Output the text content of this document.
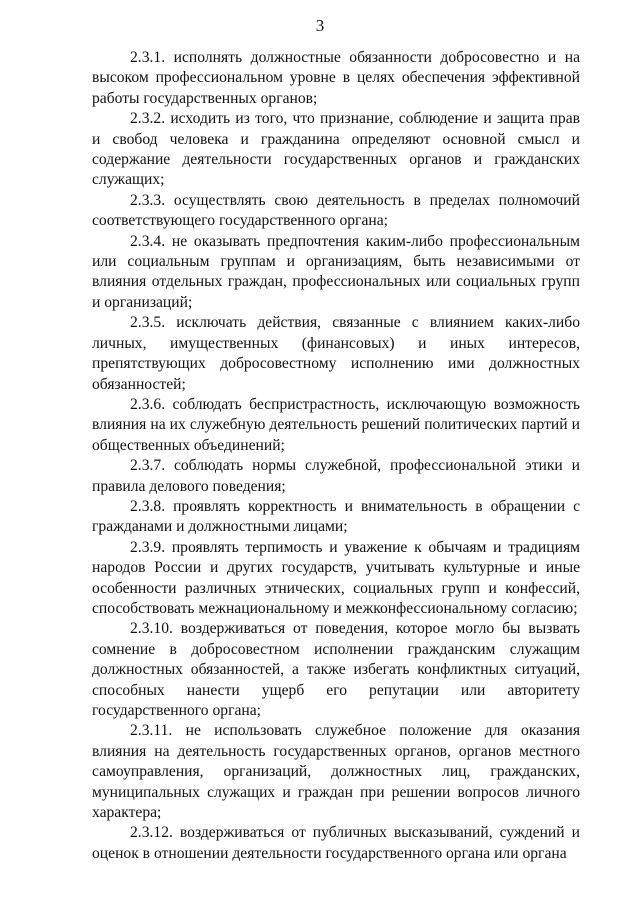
3

2.3.1. исполнять должностные обязанности добросовестно и на высоком профессиональном уровне в целях обеспечения эффективной работы государственных органов;

2.3.2. исходить из того, что признание, соблюдение и защита прав и свобод человека и гражданина определяют основной смысл и содержание деятельности государственных органов и гражданских служащих;

2.3.3. осуществлять свою деятельность в пределах полномочий соответствующего государственного органа;

2.3.4. не оказывать предпочтения каким-либо профессиональным или социальным группам и организациям, быть независимыми от влияния отдельных граждан, профессиональных или социальных групп и организаций;

2.3.5. исключать действия, связанные с влиянием каких-либо личных, имущественных (финансовых) и иных интересов, препятствующих добросовестному исполнению ими должностных обязанностей;

2.3.6. соблюдать беспристрастность, исключающую возможность влияния на их служебную деятельность решений политических партий и общественных объединений;

2.3.7. соблюдать нормы служебной, профессиональной этики и правила делового поведения;

2.3.8. проявлять корректность и внимательность в обращении с гражданами и должностными лицами;

2.3.9. проявлять терпимость и уважение к обычаям и традициям народов России и других государств, учитывать культурные и иные особенности различных этнических, социальных групп и конфессий, способствовать межнациональному и межконфессиональному согласию;

2.3.10. воздерживаться от поведения, которое могло бы вызвать сомнение в добросовестном исполнении гражданским служащим должностных обязанностей, а также избегать конфликтных ситуаций, способных нанести ущерб его репутации или авторитету государственного органа;

2.3.11. не использовать служебное положение для оказания влияния на деятельность государственных органов, органов местного самоуправления, организаций, должностных лиц, гражданских, муниципальных служащих и граждан при решении вопросов личного характера;

2.3.12. воздерживаться от публичных высказываний, суждений и оценок в отношении деятельности государственного органа или органа
